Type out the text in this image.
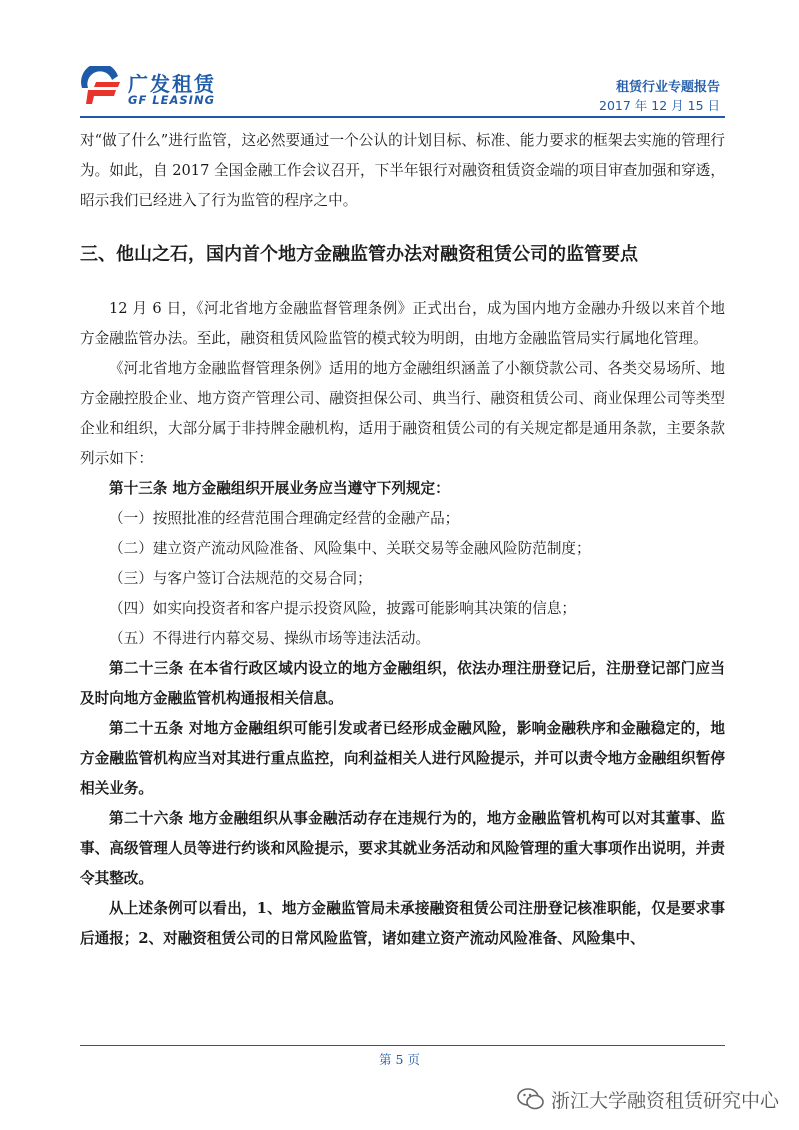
广发租赁
GF LEASING
租赁行业专题报告
2017 年 12 月 15 日

对“做了什么”进行监管，这必然要通过一个公认的计划目标、标准、能力要求的框架去实施的管理行为。如此，自 2017 全国金融工作会议召开，下半年银行对融资租赁资金端的项目审查加强和穿透，昭示我们已经进入了行为监管的程序之中。

三、他山之石，国内首个地方金融监管办法对融资租赁公司的监管要点

12 月 6 日，《河北省地方金融监督管理条例》正式出台，成为国内地方金融办升级以来首个地方金融监管办法。至此，融资租赁风险监管的模式较为明朗，由地方金融监管局实行属地化管理。

《河北省地方金融监督管理条例》适用的地方金融组织涵盖了小额贷款公司、各类交易场所、地方金融控股企业、地方资产管理公司、融资担保公司、典当行、融资租赁公司、商业保理公司等类型企业和组织，大部分属于非持牌金融机构，适用于融资租赁公司的有关规定都是通用条款，主要条款列示如下：

第十三条 地方金融组织开展业务应当遵守下列规定：

（一）按照批准的经营范围合理确定经营的金融产品；

（二）建立资产流动风险准备、风险集中、关联交易等金融风险防范制度；

（三）与客户签订合法规范的交易合同；

（四）如实向投资者和客户提示投资风险，披露可能影响其决策的信息；

（五）不得进行内幕交易、操纵市场等违法活动。

第二十三条 在本省行政区域内设立的地方金融组织，依法办理注册登记后，注册登记部门应当及时向地方金融监管机构通报相关信息。

第二十五条 对地方金融组织可能引发或者已经形成金融风险，影响金融秩序和金融稳定的，地方金融监管机构应当对其进行重点监控，向利益相关人进行风险提示，并可以责令地方金融组织暂停相关业务。

第二十六条 地方金融组织从事金融活动存在违规行为的，地方金融监管机构可以对其董事、监事、高级管理人员等进行约谈和风险提示，要求其就业务活动和风险管理的重大事项作出说明，并责令其整改。

从上述条例可以看出，1、地方金融监管局未承接融资租赁公司注册登记核准职能，仅是要求事后通报；2、对融资租赁公司的日常风险监管，诸如建立资产流动风险准备、风险集中、

第 5 页
浙江大学融资租赁研究中心
